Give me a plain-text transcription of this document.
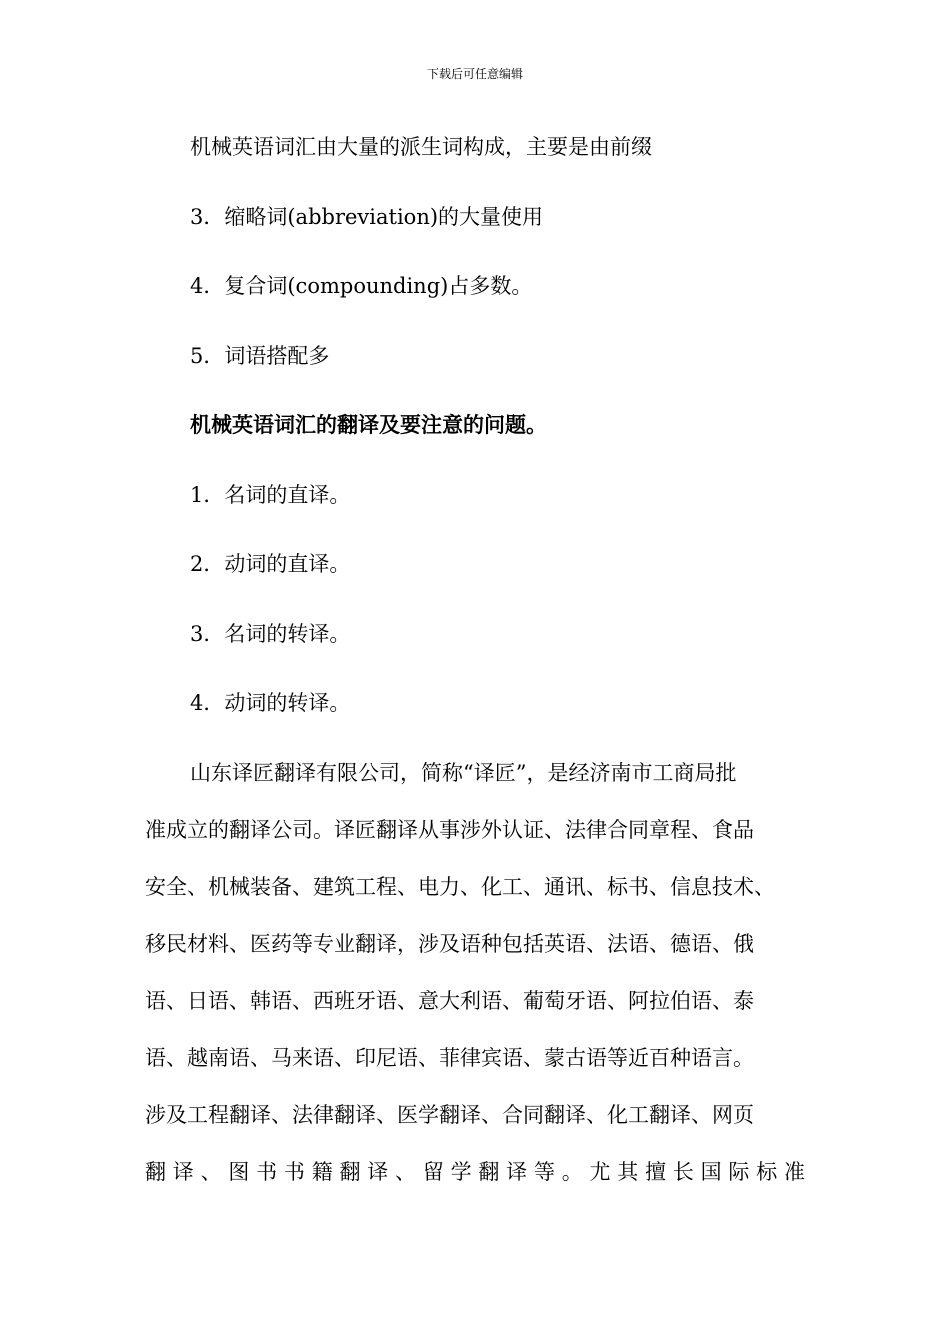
下载后可任意编辑
机械英语词汇由大量的派生词构成，主要是由前缀
3．缩略词(abbreviation)的大量使用
4．复合词(compounding)占多数。
5．词语搭配多
机械英语词汇的翻译及要注意的问题。
1．名词的直译。
2．动词的直译。
3．名词的转译。
4．动词的转译。
山东译匠翻译有限公司，简称“译匠”，是经济南市工商局批
准成立的翻译公司。译匠翻译从事涉外认证、法律合同章程、食品
安全、机械装备、建筑工程、电力、化工、通讯、标书、信息技术、
移民材料、医药等专业翻译，涉及语种包括英语、法语、德语、俄
语、日语、韩语、西班牙语、意大利语、葡萄牙语、阿拉伯语、泰
语、越南语、马来语、印尼语、菲律宾语、蒙古语等近百种语言。
涉及工程翻译、法律翻译、医学翻译、合同翻译、化工翻译、网页
翻译、图书书籍翻译、留学翻译等。尤其擅长国际标准
